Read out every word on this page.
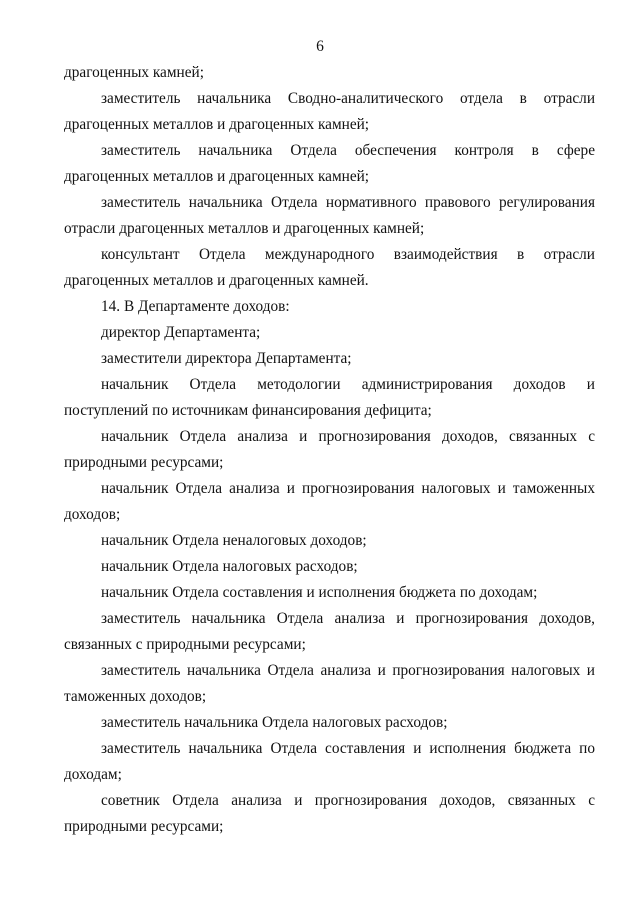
6

драгоценных камней;

заместитель начальника Сводно-аналитического отдела в отрасли драгоценных металлов и драгоценных камней;

заместитель начальника Отдела обеспечения контроля в сфере драгоценных металлов и драгоценных камней;

заместитель начальника Отдела нормативного правового регулирования отрасли драгоценных металлов и драгоценных камней;

консультант Отдела международного взаимодействия в отрасли драгоценных металлов и драгоценных камней.

14. В Департаменте доходов:

директор Департамента;

заместители директора Департамента;

начальник Отдела методологии администрирования доходов и поступлений по источникам финансирования дефицита;

начальник Отдела анализа и прогнозирования доходов, связанных с природными ресурсами;

начальник Отдела анализа и прогнозирования налоговых и таможенных доходов;

начальник Отдела неналоговых доходов;

начальник Отдела налоговых расходов;

начальник Отдела составления и исполнения бюджета по доходам;

заместитель начальника Отдела анализа и прогнозирования доходов, связанных с природными ресурсами;

заместитель начальника Отдела анализа и прогнозирования налоговых и таможенных доходов;

заместитель начальника Отдела налоговых расходов;

заместитель начальника Отдела составления и исполнения бюджета по доходам;

советник Отдела анализа и прогнозирования доходов, связанных с природными ресурсами;
